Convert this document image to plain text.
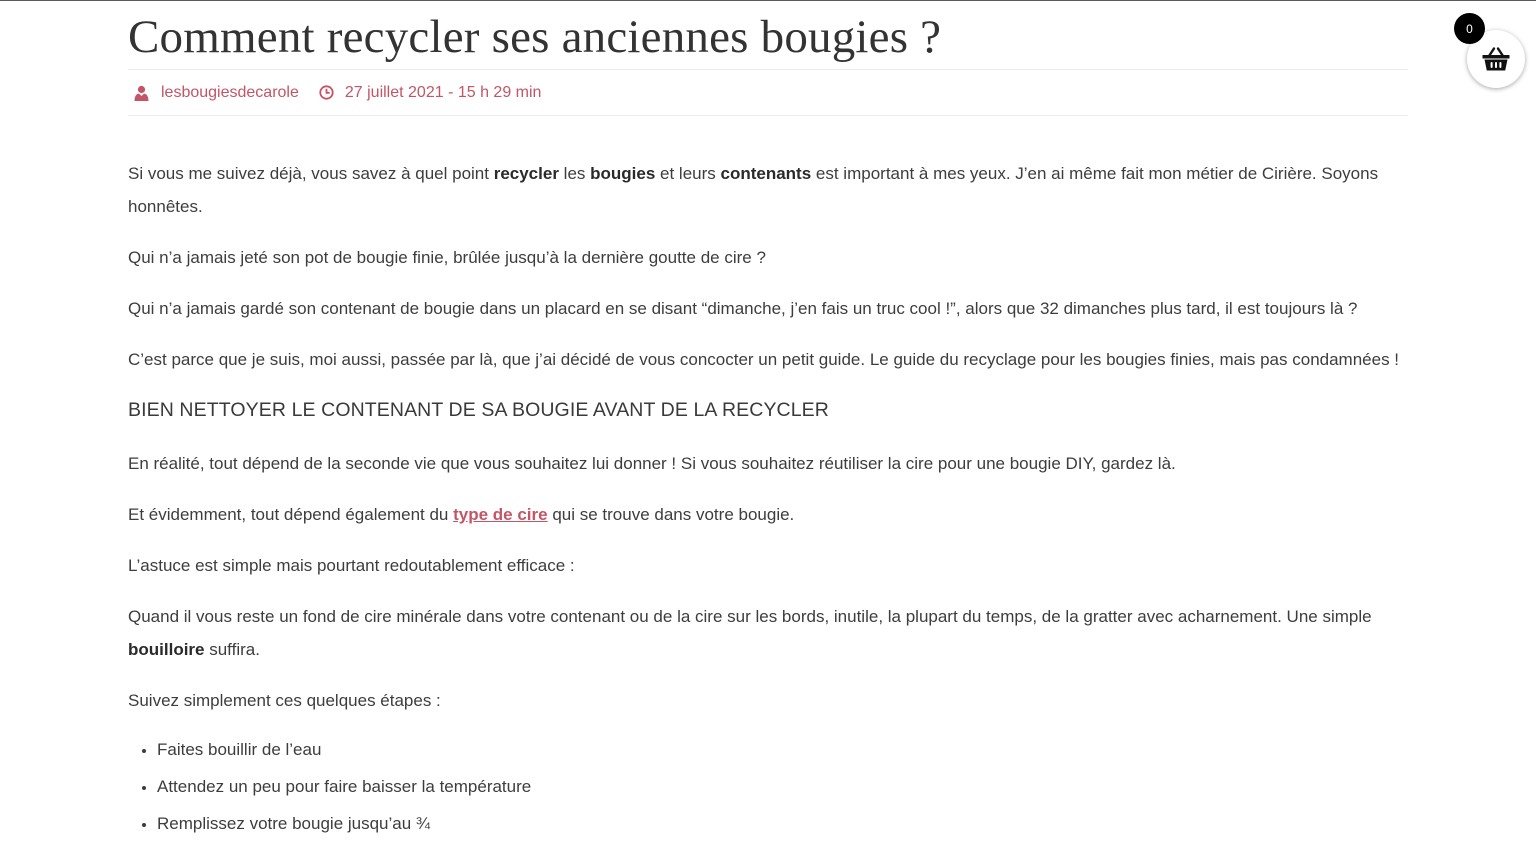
Comment recycler ses anciennes bougies ?
lesbougiesdecarole	27 juillet 2021 - 15 h 29 min

Si vous me suivez déjà, vous savez à quel point recycler les bougies et leurs contenants est important à mes yeux. J’en ai même fait mon métier de Cirière. Soyons honnêtes.

Qui n’a jamais jeté son pot de bougie finie, brûlée jusqu’à la dernière goutte de cire ?

Qui n’a jamais gardé son contenant de bougie dans un placard en se disant “dimanche, j’en fais un truc cool !”, alors que 32 dimanches plus tard, il est toujours là ?

C’est parce que je suis, moi aussi, passée par là, que j’ai décidé de vous concocter un petit guide. Le guide du recyclage pour les bougies finies, mais pas condamnées !

BIEN NETTOYER LE CONTENANT DE SA BOUGIE AVANT DE LA RECYCLER

En réalité, tout dépend de la seconde vie que vous souhaitez lui donner ! Si vous souhaitez réutiliser la cire pour une bougie DIY, gardez là.

Et évidemment, tout dépend également du type de cire qui se trouve dans votre bougie.

L’astuce est simple mais pourtant redoutablement efficace :

Quand il vous reste un fond de cire minérale dans votre contenant ou de la cire sur les bords, inutile, la plupart du temps, de la gratter avec acharnement. Une simple bouilloire suffira.

Suivez simplement ces quelques étapes :

• Faites bouillir de l’eau
• Attendez un peu pour faire baisser la température
• Remplissez votre bougie jusqu’au ¾
0
